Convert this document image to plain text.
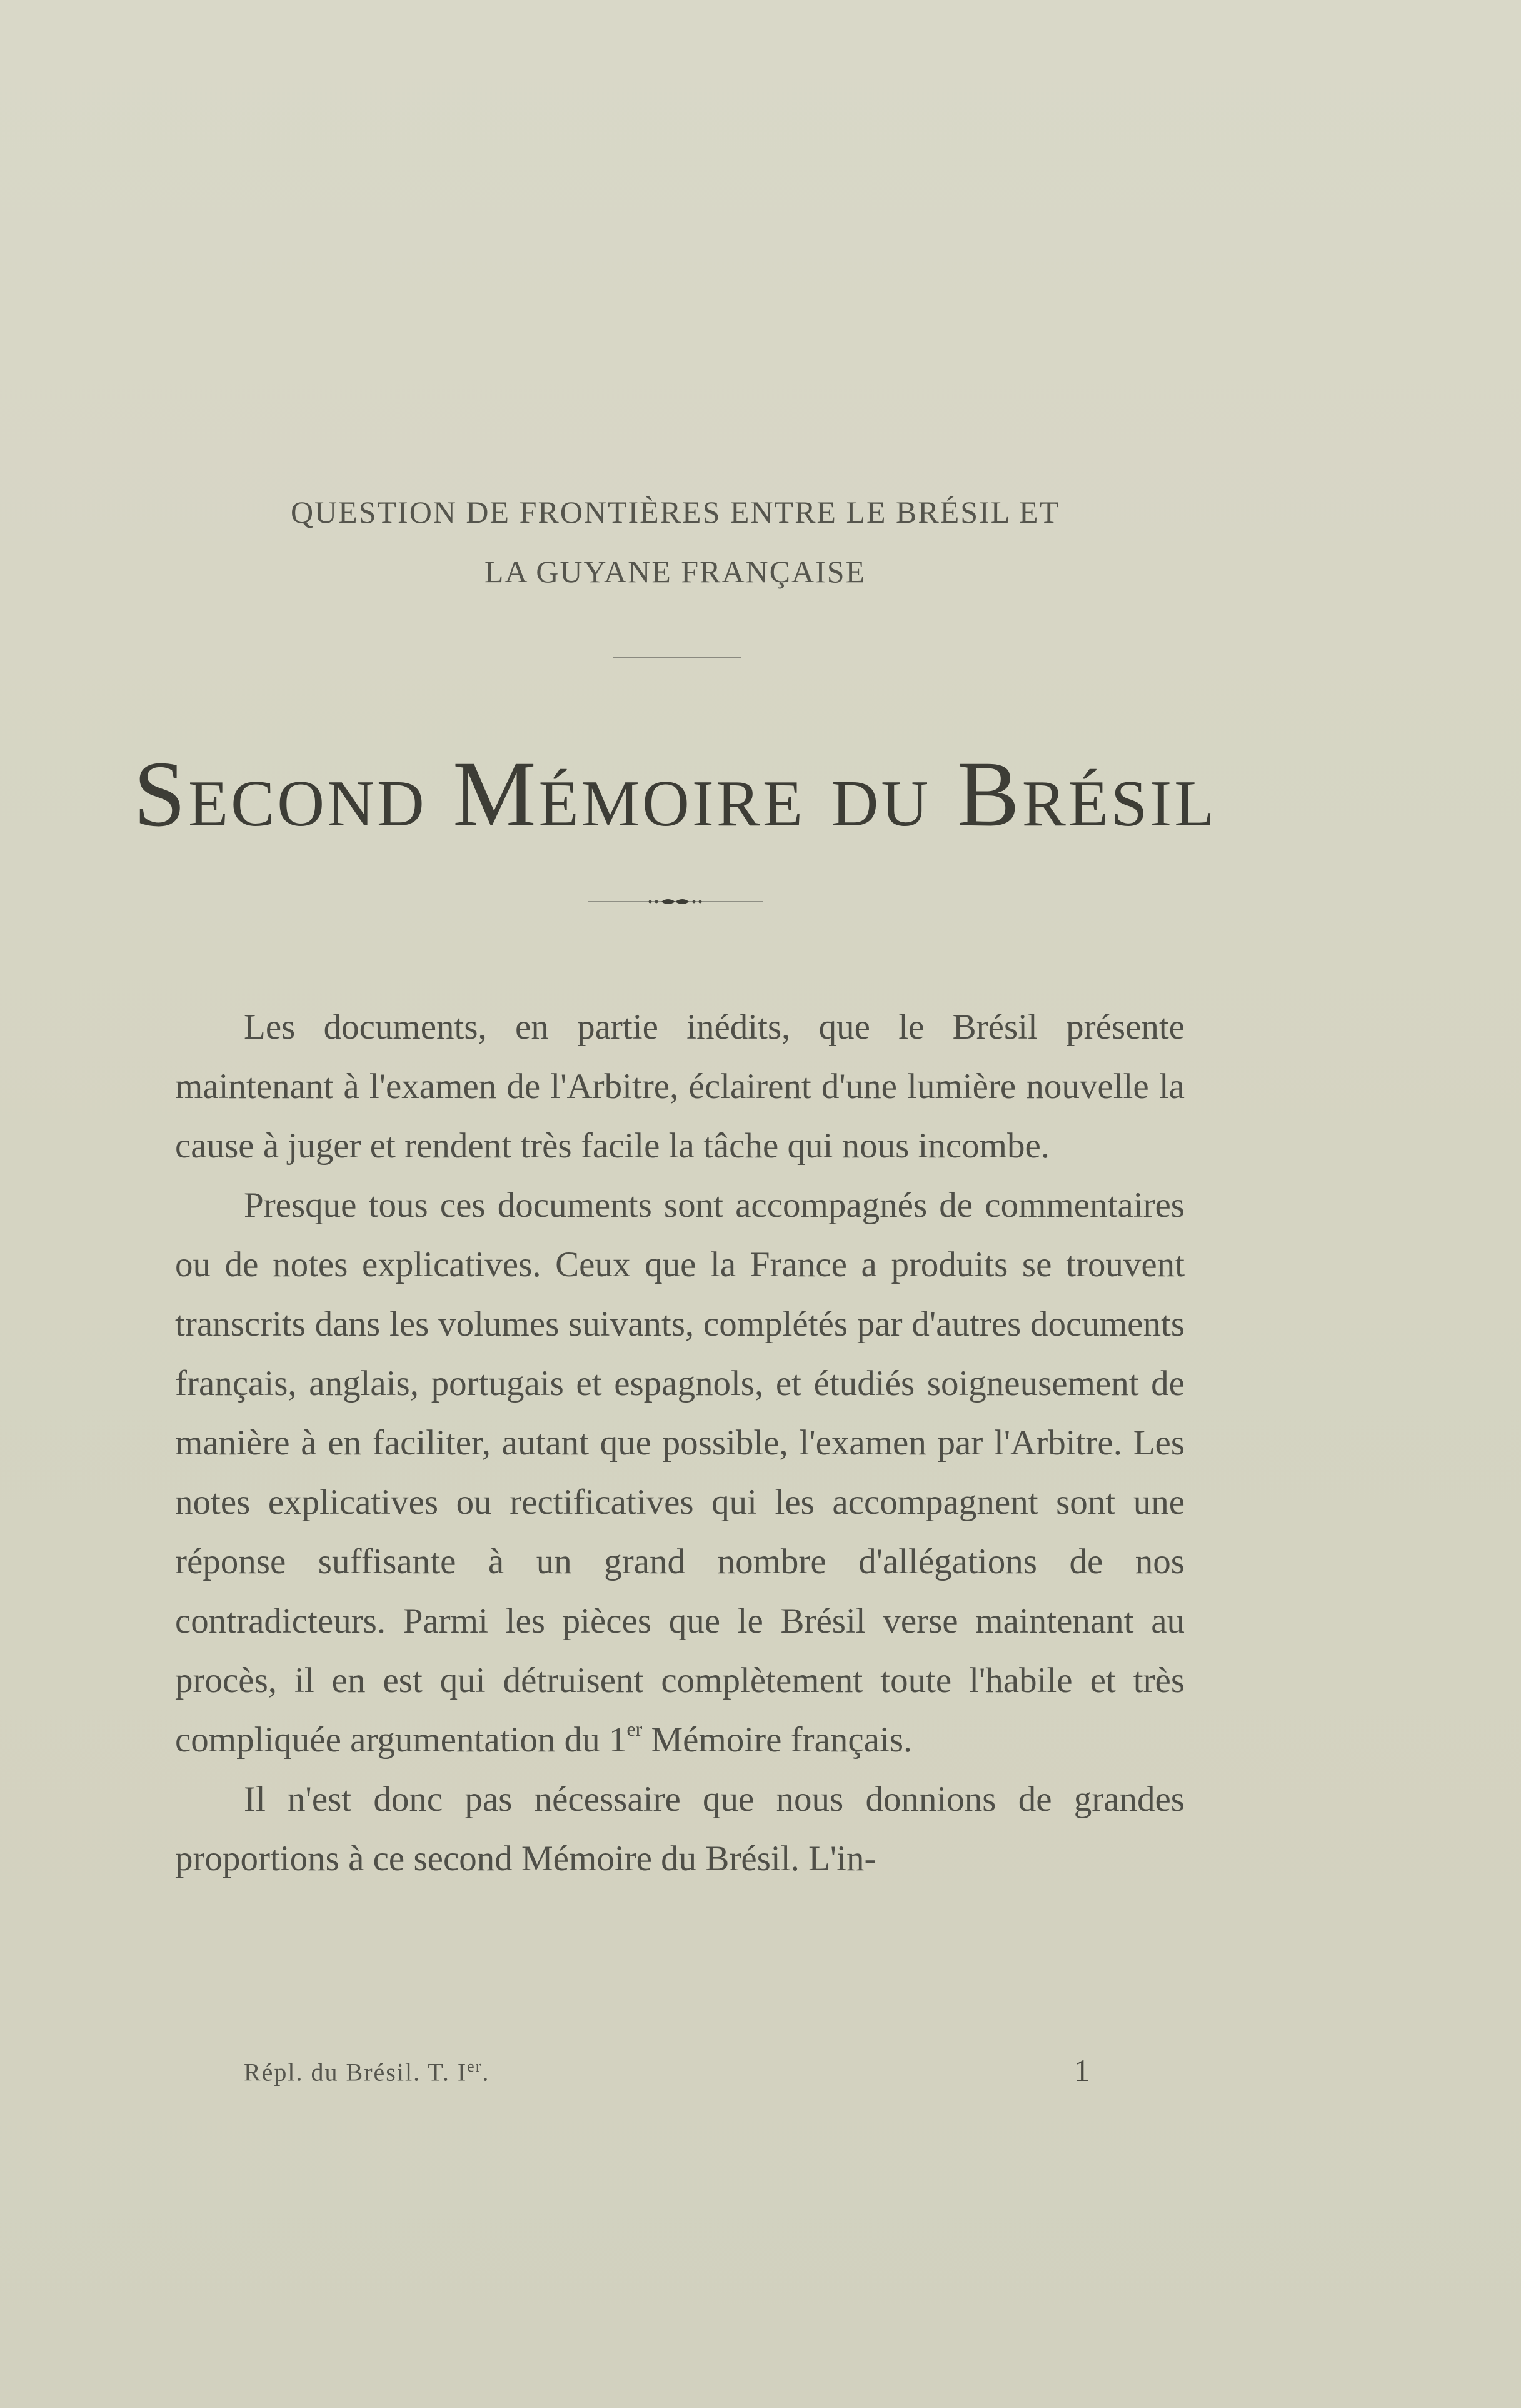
QUESTION DE FRONTIÈRES ENTRE LE BRÉSIL ET
LA GUYANE FRANÇAISE
Second Mémoire du Brésil

Les documents, en partie inédits, que le Brésil présente maintenant à l'examen de l'Arbitre, éclairent d'une lumière nouvelle la cause à juger et rendent très facile la tâche qui nous incombe.

Presque tous ces documents sont accompagnés de commentaires ou de notes explicatives. Ceux que la France a produits se trouvent transcrits dans les volumes suivants, complétés par d'autres documents français, anglais, portugais et espagnols, et étudiés soigneusement de manière à en faciliter, autant que possible, l'examen par l'Arbitre. Les notes explicatives ou rectificatives qui les accompagnent sont une réponse suffisante à un grand nombre d'allégations de nos contradicteurs. Parmi les pièces que le Brésil verse maintenant au procès, il en est qui détruisent complètement toute l'habile et très compliquée argumentation du 1er Mémoire français.

Il n'est donc pas nécessaire que nous donnions de grandes proportions à ce second Mémoire du Brésil. L'in-

Répl. du Brésil. T. Ier.	1
